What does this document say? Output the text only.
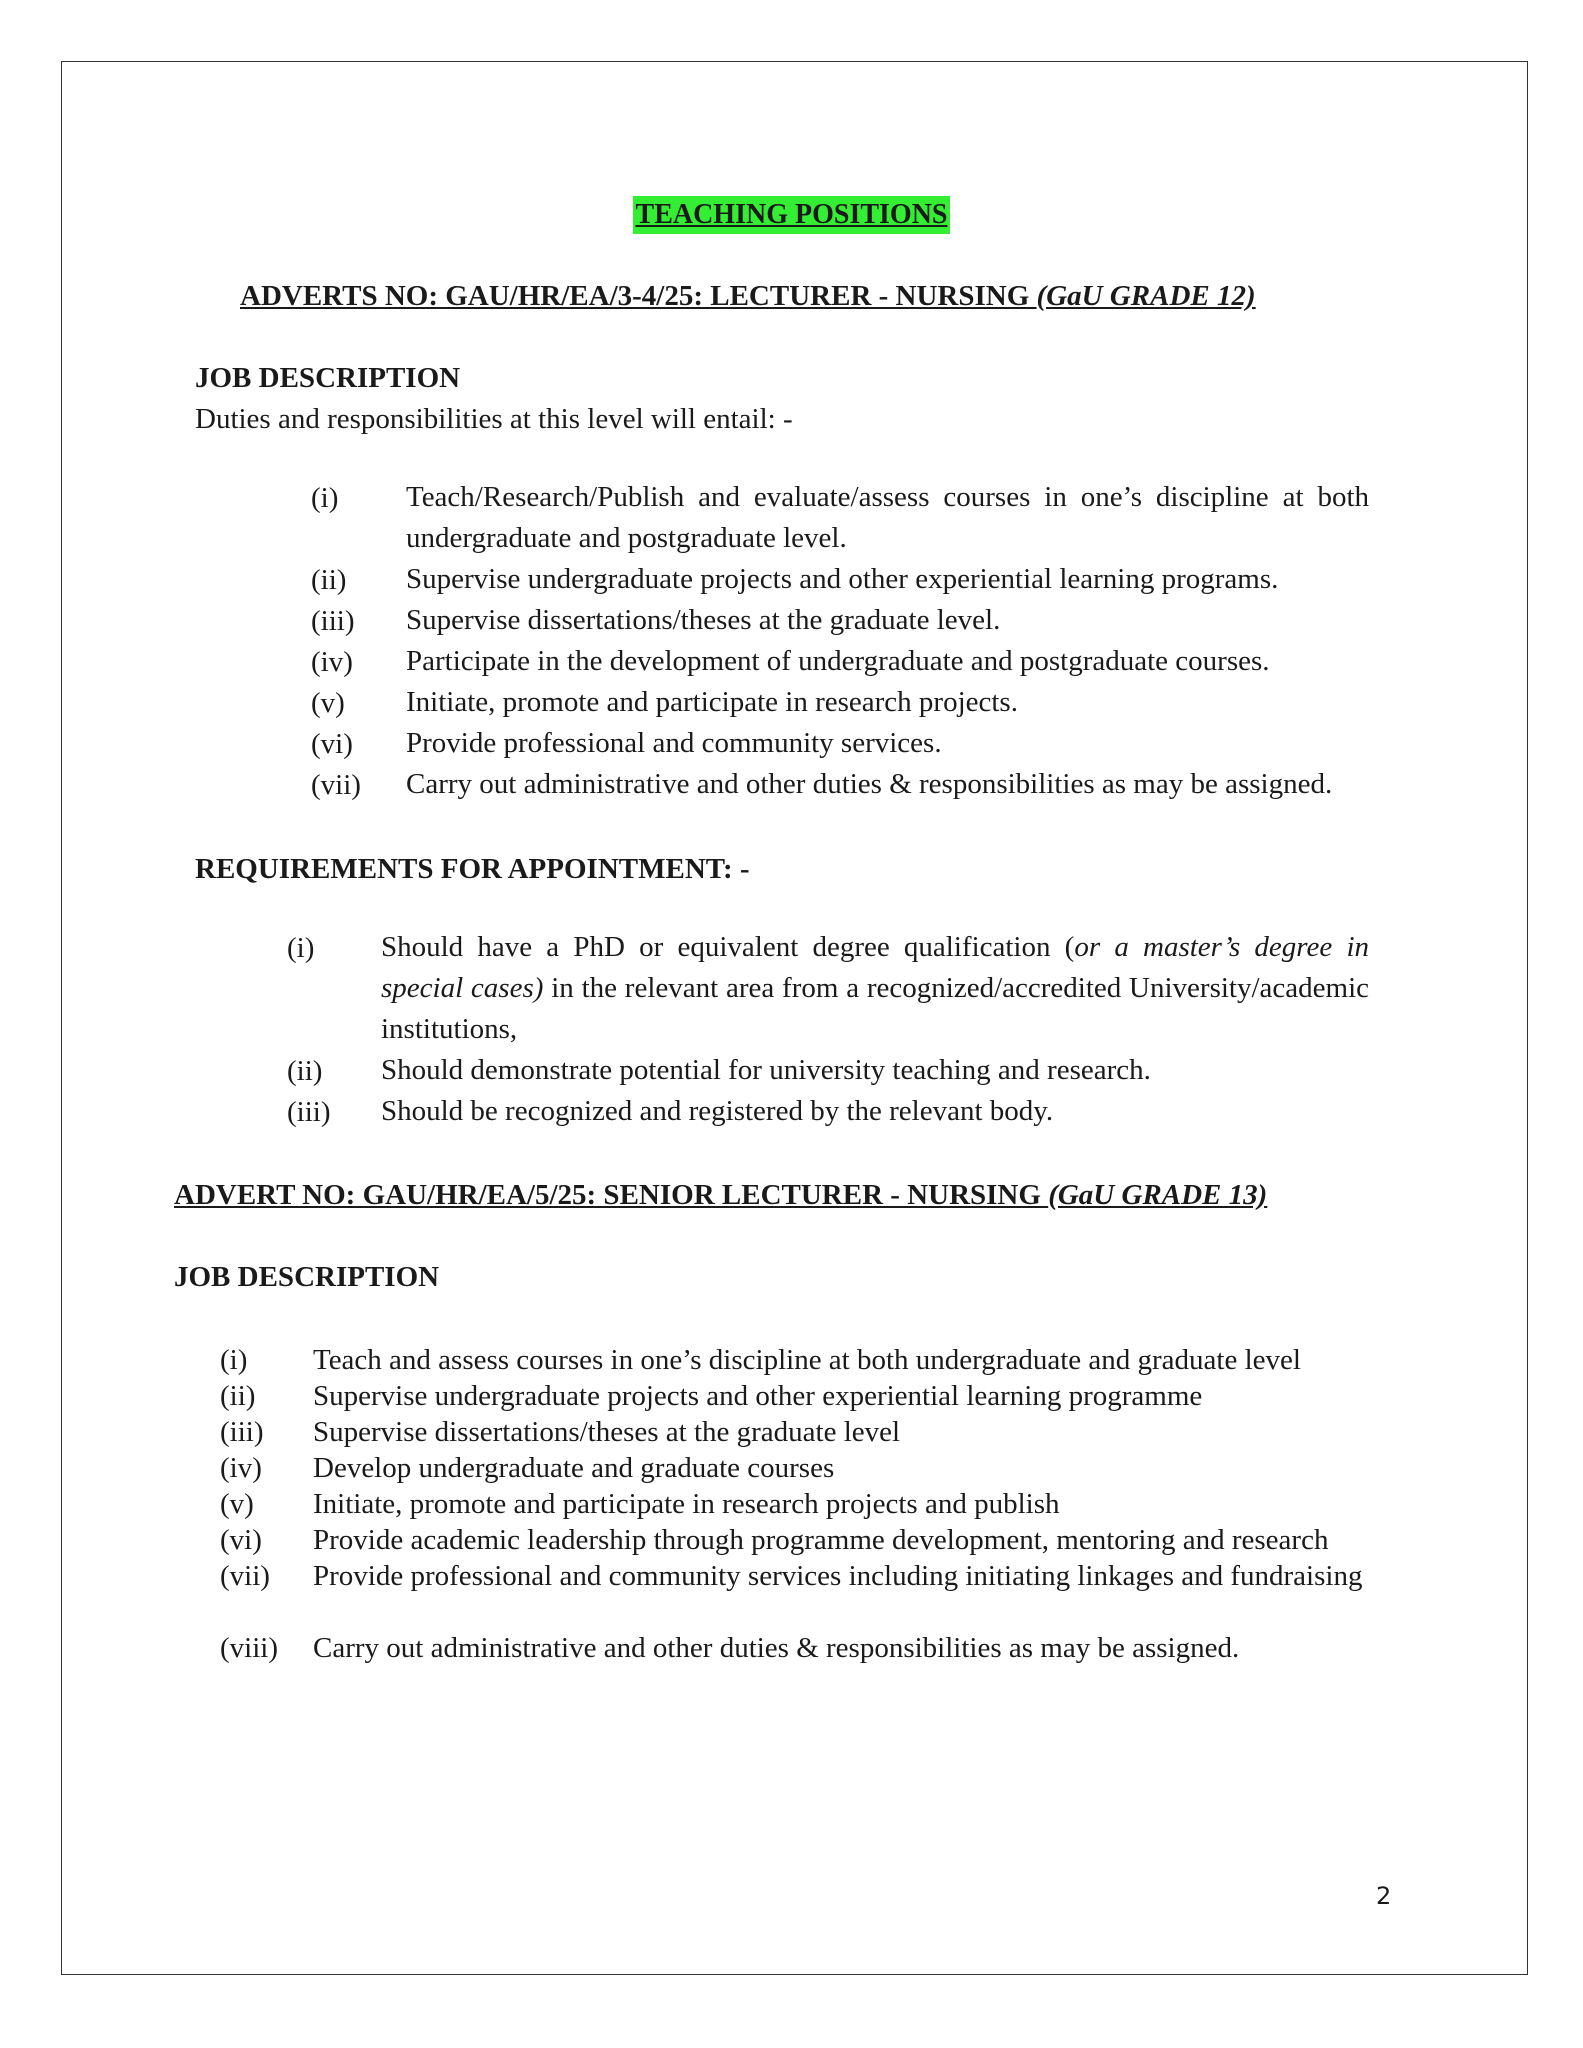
TEACHING POSITIONS
ADVERTS NO: GAU/HR/EA/3-4/25: LECTURER - NURSING (GaU GRADE 12)
JOB DESCRIPTION
Duties and responsibilities at this level will entail: -
(i) Teach/Research/Publish and evaluate/assess courses in one’s discipline at both undergraduate and postgraduate level.
(ii) Supervise undergraduate projects and other experiential learning programs.
(iii) Supervise dissertations/theses at the graduate level.
(iv) Participate in the development of undergraduate and postgraduate courses.
(v) Initiate, promote and participate in research projects.
(vi) Provide professional and community services.
(vii) Carry out administrative and other duties & responsibilities as may be assigned.
REQUIREMENTS FOR APPOINTMENT: -
(i) Should have a PhD or equivalent degree qualification (or a master’s degree in special cases) in the relevant area from a recognized/accredited University/academic institutions,
(ii) Should demonstrate potential for university teaching and research.
(iii) Should be recognized and registered by the relevant body.
ADVERT NO: GAU/HR/EA/5/25: SENIOR LECTURER - NURSING (GaU GRADE 13)
JOB DESCRIPTION
(i) Teach and assess courses in one’s discipline at both undergraduate and graduate level
(ii) Supervise undergraduate projects and other experiential learning programme
(iii) Supervise dissertations/theses at the graduate level
(iv) Develop undergraduate and graduate courses
(v) Initiate, promote and participate in research projects and publish
(vi) Provide academic leadership through programme development, mentoring and research
(vii) Provide professional and community services including initiating linkages and fundraising
(viii) Carry out administrative and other duties & responsibilities as may be assigned.
2
